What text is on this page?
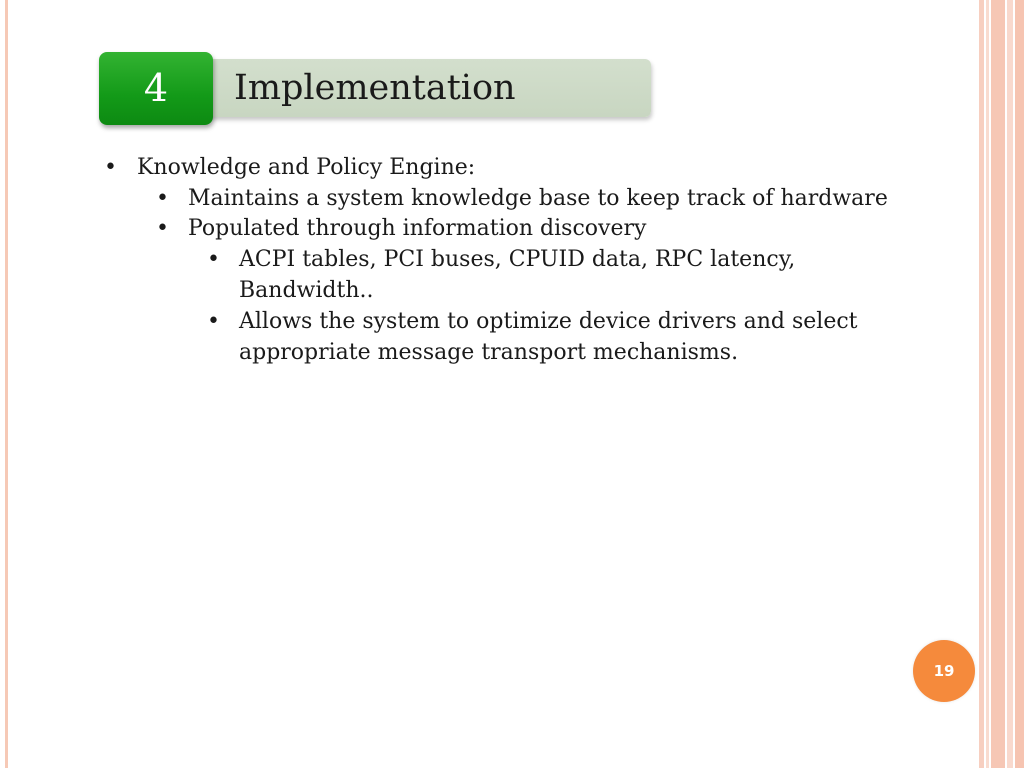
Implementation
4
• Knowledge and Policy Engine:
• Maintains a system knowledge base to keep track of hardware
• Populated through information discovery
• ACPI tables, PCI buses, CPUID data, RPC latency,
Bandwidth..
• Allows the system to optimize device drivers and select
appropriate message transport mechanisms.
19
